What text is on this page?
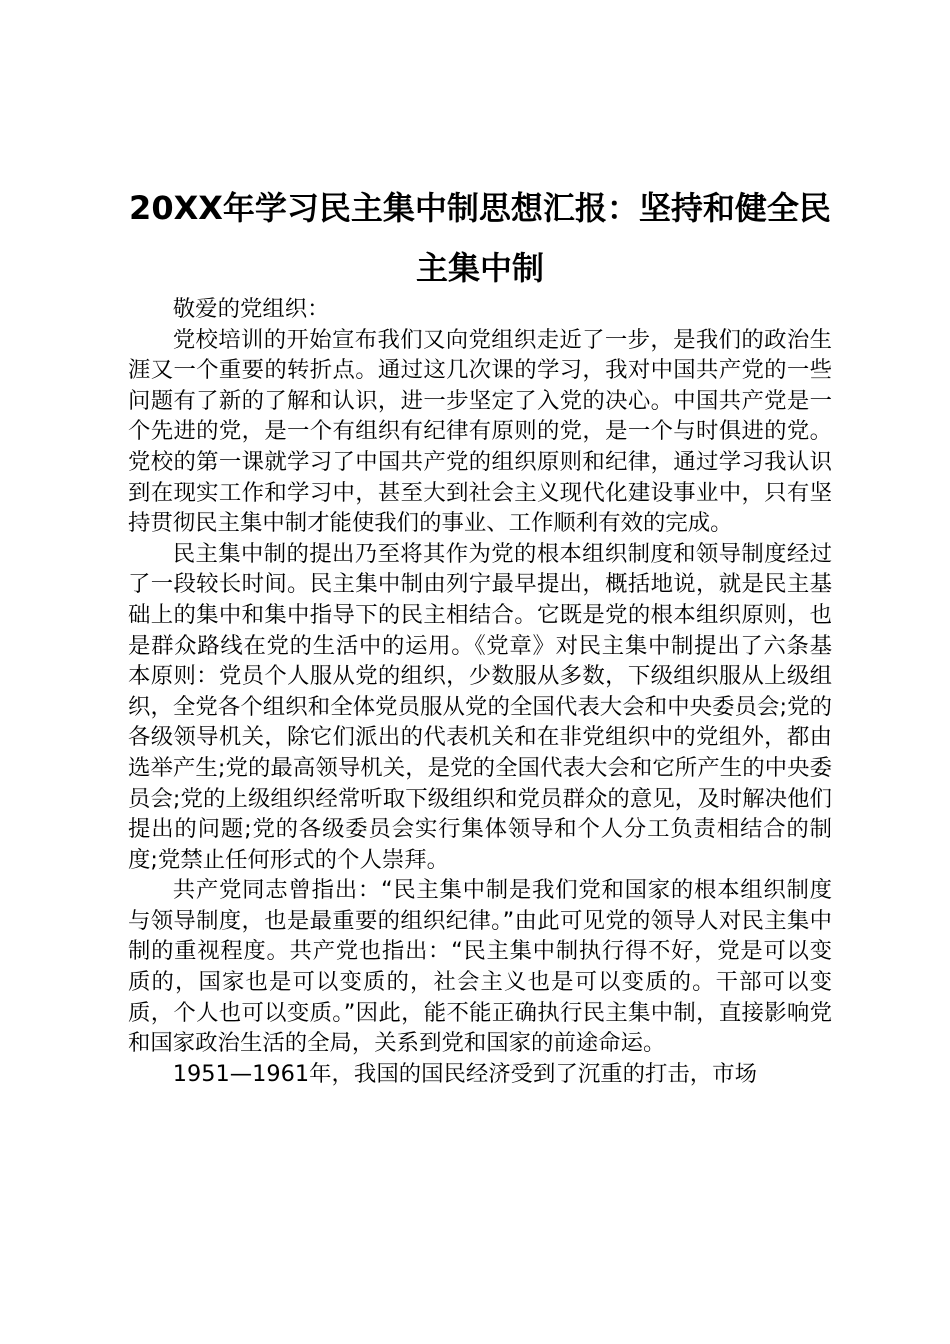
20XX年学习民主集中制思想汇报：坚持和健全民主集中制

敬爱的党组织：

党校培训的开始宣布我们又向党组织走近了一步，是我们的政治生涯又一个重要的转折点。通过这几次课的学习，我对中国共产党的一些问题有了新的了解和认识，进一步坚定了入党的决心。中国共产党是一个先进的党，是一个有组织有纪律有原则的党，是一个与时俱进的党。党校的第一课就学习了中国共产党的组织原则和纪律，通过学习我认识到在现实工作和学习中，甚至大到社会主义现代化建设事业中，只有坚持贯彻民主集中制才能使我们的事业、工作顺利有效的完成。

民主集中制的提出乃至将其作为党的根本组织制度和领导制度经过了一段较长时间。民主集中制由列宁最早提出，概括地说，就是民主基础上的集中和集中指导下的民主相结合。它既是党的根本组织原则，也是群众路线在党的生活中的运用。《党章》对民主集中制提出了六条基本原则：党员个人服从党的组织，少数服从多数，下级组织服从上级组织，全党各个组织和全体党员服从党的全国代表大会和中央委员会;党的各级领导机关，除它们派出的代表机关和在非党组织中的党组外，都由选举产生;党的最高领导机关，是党的全国代表大会和它所产生的中央委员会;党的上级组织经常听取下级组织和党员群众的意见，及时解决他们提出的问题;党的各级委员会实行集体领导和个人分工负责相结合的制度;党禁止任何形式的个人崇拜。

共产党同志曾指出：“民主集中制是我们党和国家的根本组织制度与领导制度，也是最重要的组织纪律。”由此可见党的领导人对民主集中制的重视程度。共产党也指出：“民主集中制执行得不好，党是可以变质的，国家也是可以变质的，社会主义也是可以变质的。干部可以变质，个人也可以变质。”因此，能不能正确执行民主集中制，直接影响党和国家政治生活的全局，关系到党和国家的前途命运。

1951—1961年，我国的国民经济受到了沉重的打击，市场
